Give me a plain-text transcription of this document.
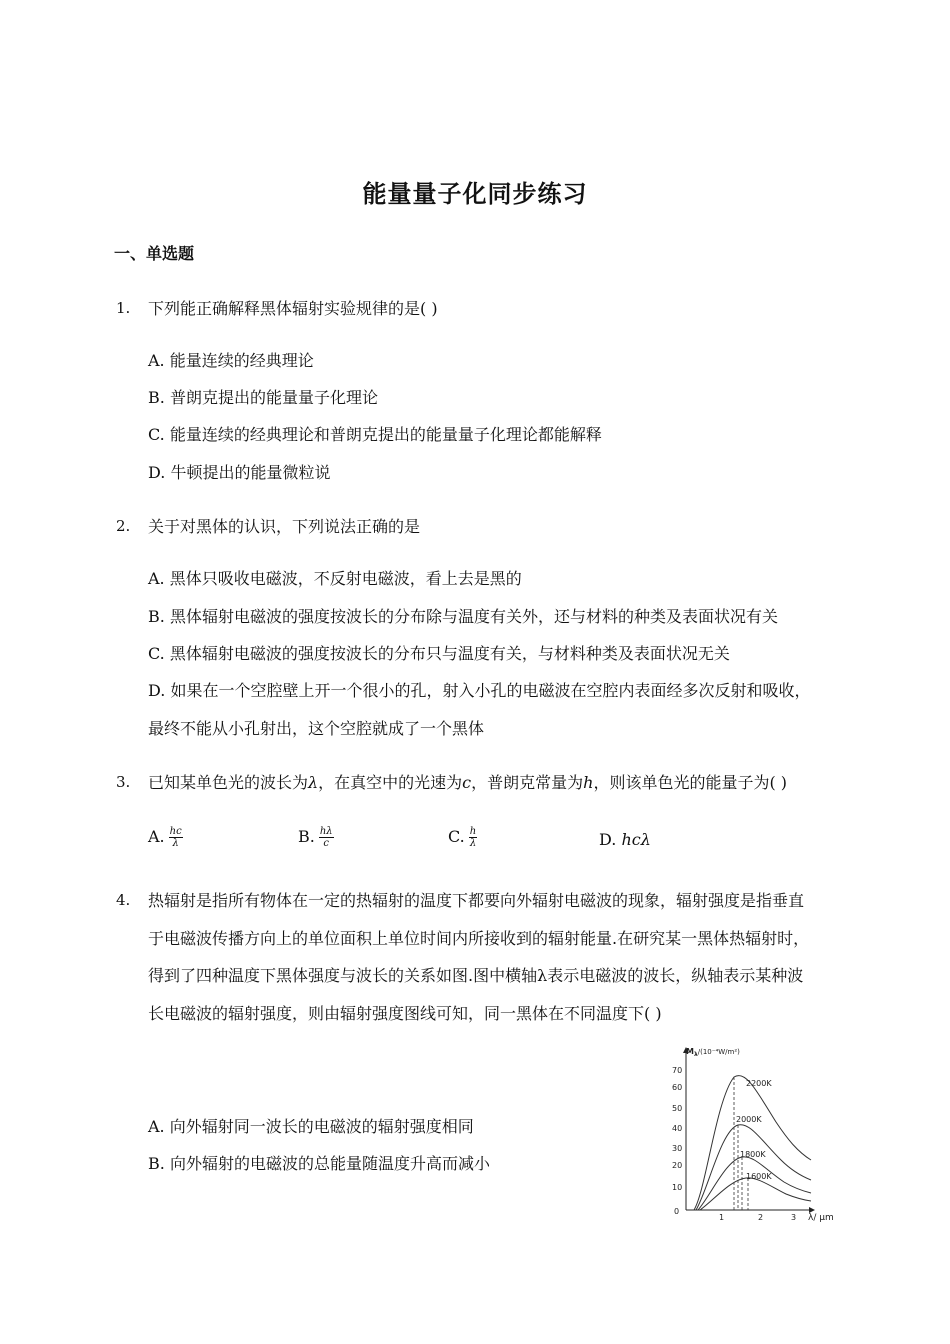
能量量子化同步练习
一、单选题
1. 下列能正确解释黑体辐射实验规律的是( )
A. 能量连续的经典理论
B. 普朗克提出的能量量子化理论
C. 能量连续的经典理论和普朗克提出的能量量子化理论都能解释
D. 牛顿提出的能量微粒说
2. 关于对黑体的认识，下列说法正确的是
A. 黑体只吸收电磁波，不反射电磁波，看上去是黑的
B. 黑体辐射电磁波的强度按波长的分布除与温度有关外，还与材料的种类及表面状况有关
C. 黑体辐射电磁波的强度按波长的分布只与温度有关，与材料种类及表面状况无关
D. 如果在一个空腔壁上开一个很小的孔，射入小孔的电磁波在空腔内表面经多次反射和吸收，
最终不能从小孔射出，这个空腔就成了一个黑体
3. 已知某单色光的波长为λ，在真空中的光速为c，普朗克常量为h，则该单色光的能量子为( )
A. $\frac{hc}{\lambda}$	B. $\frac{h\lambda}{c}$	C. $\frac{h}{\lambda}$	D. hcλ
4. 热辐射是指所有物体在一定的热辐射的温度下都要向外辐射电磁波的现象，辐射强度是指垂直
于电磁波传播方向上的单位面积上单位时间内所接收到的辐射能量.在研究某一黑体热辐射时，
得到了四种温度下黑体强度与波长的关系如图.图中横轴λ表示电磁波的波长，纵轴表示某种波
长电磁波的辐射强度，则由辐射强度图线可知，同一黑体在不同温度下( )
A. 向外辐射同一波长的电磁波的辐射强度相同
B. 向外辐射的电磁波的总能量随温度升高而减小
$M_\lambda/(10^{-4}W/m^2)$
λ/ μm
0
10
20
30
40
50
60
70
1	2	3
2200K
2000K
1800K
1600K
